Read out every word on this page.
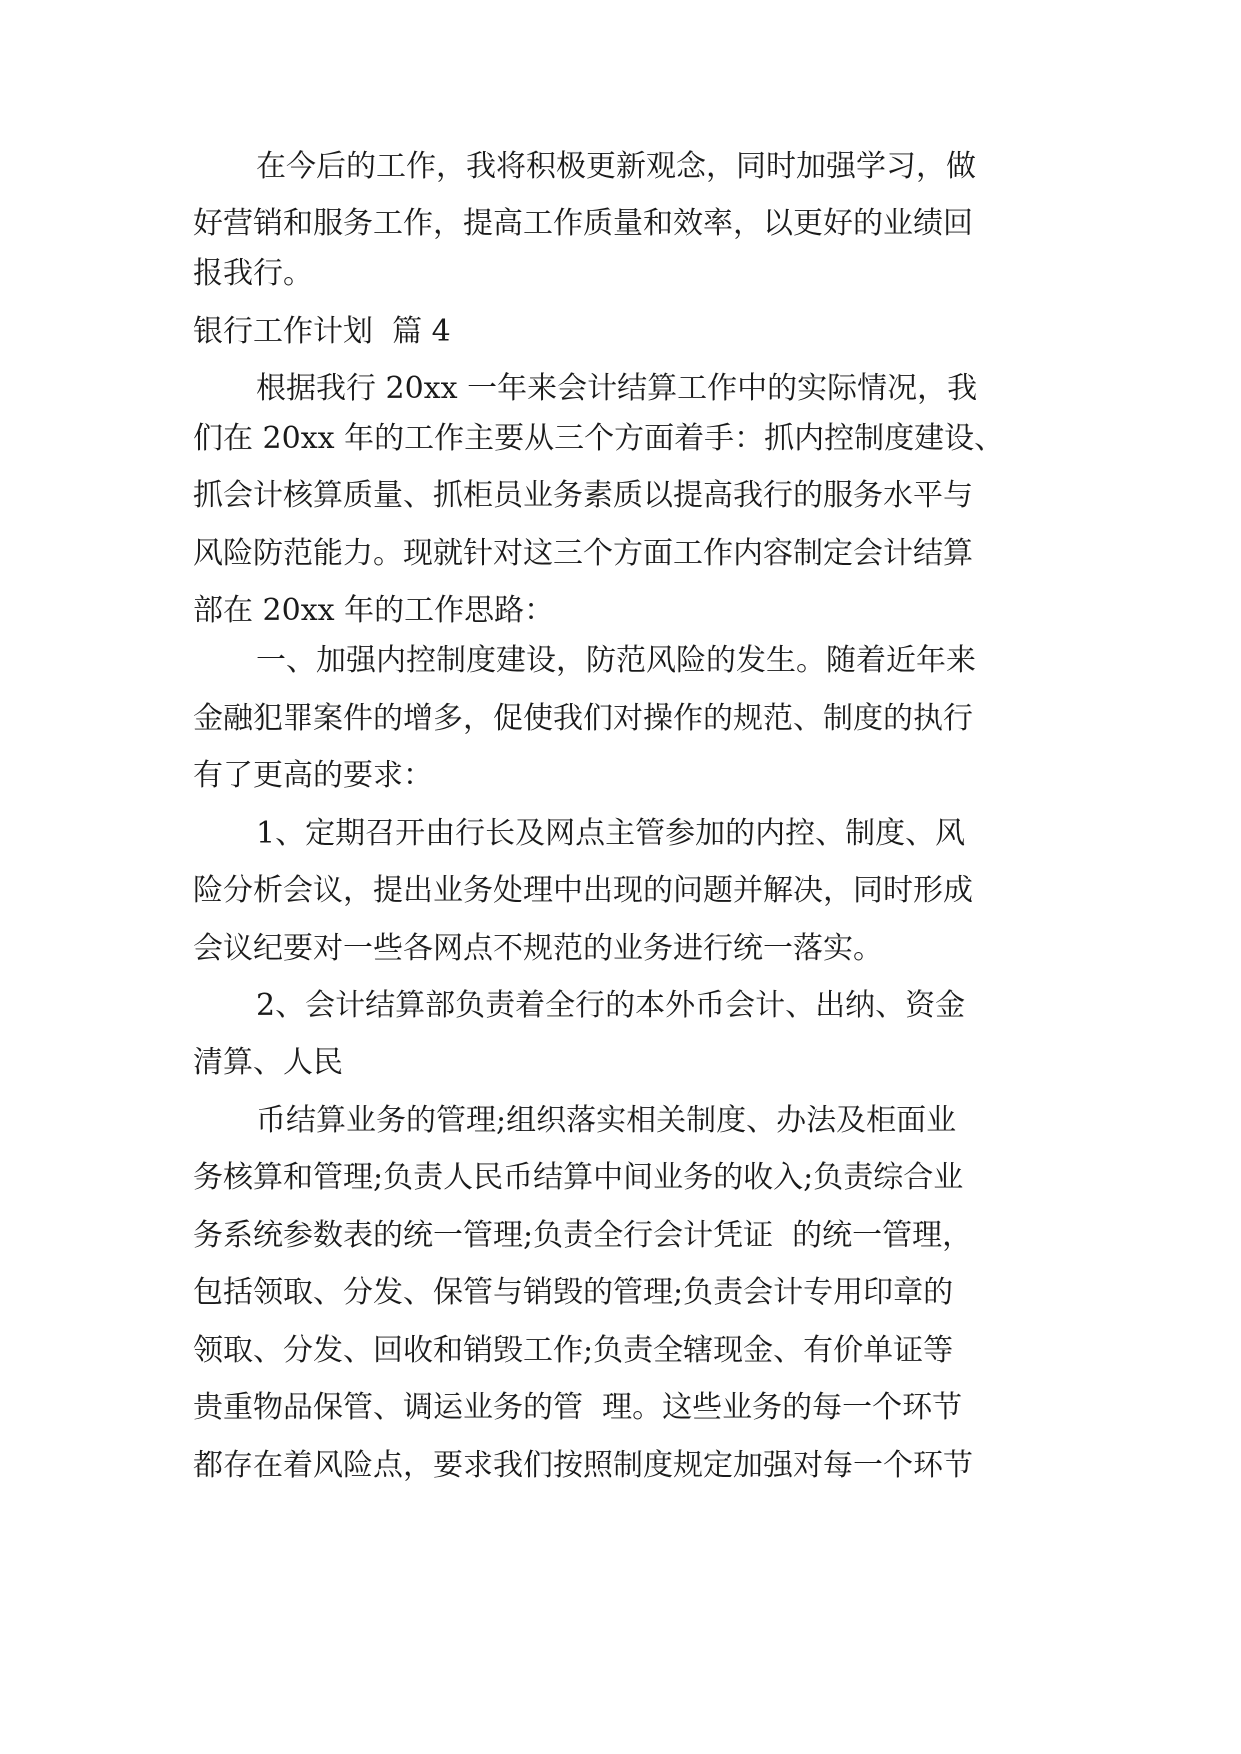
在今后的工作，我将积极更新观念，同时加强学习，做
好营销和服务工作，提高工作质量和效率，以更好的业绩回
报我行。
银行工作计划  篇 4
根据我行 20xx 一年来会计结算工作中的实际情况，我
们在 20xx 年的工作主要从三个方面着手：抓内控制度建设、
抓会计核算质量、抓柜员业务素质以提高我行的服务水平与
风险防范能力。现就针对这三个方面工作内容制定会计结算
部在 20xx 年的工作思路：
一、加强内控制度建设，防范风险的发生。随着近年来
金融犯罪案件的增多，促使我们对操作的规范、制度的执行
有了更高的要求：
1、定期召开由行长及网点主管参加的内控、制度、风
险分析会议，提出业务处理中出现的问题并解决，同时形成
会议纪要对一些各网点不规范的业务进行统一落实。
2、会计结算部负责着全行的本外币会计、出纳、资金
清算、人民
币结算业务的管理;组织落实相关制度、办法及柜面业
务核算和管理;负责人民币结算中间业务的收入;负责综合业
务系统参数表的统一管理;负责全行会计凭证  的统一管理，
包括领取、分发、保管与销毁的管理;负责会计专用印章的
领取、分发、回收和销毁工作;负责全辖现金、有价单证等
贵重物品保管、调运业务的管  理。这些业务的每一个环节
都存在着风险点，要求我们按照制度规定加强对每一个环节
